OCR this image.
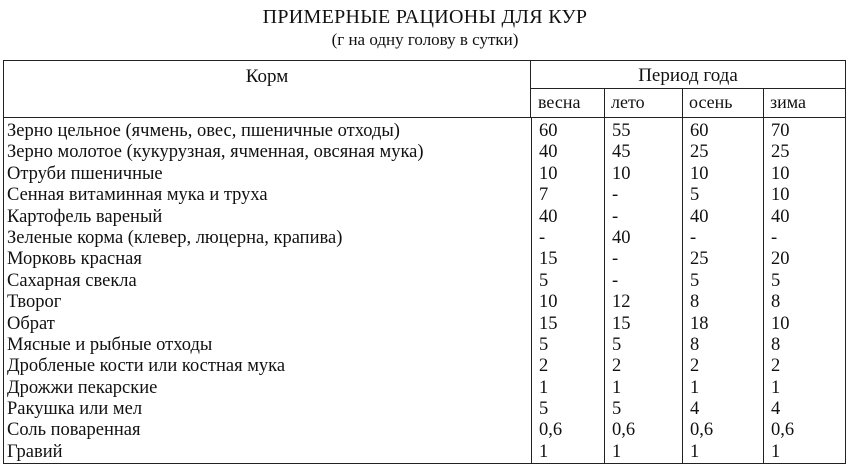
ПРИМЕРНЫЕ РАЦИОНЫ ДЛЯ КУР
(г на одну голову в сутки)
Корм	Период года
весна	лето	осень	зима
Зерно цельное (ячмень, овес, пшеничные отходы)	60	55	60	70
Зерно молотое (кукурузная, ячменная, овсяная мука)	40	45	25	25
Отруби пшеничные	10	10	10	10
Сенная витаминная мука и труха	7	-	5	10
Картофель вареный	40	-	40	40
Зеленые корма (клевер, люцерна, крапива)	-	40	-	-
Морковь красная	15	-	25	20
Сахарная свекла	5	-	5	5
Творог	10	12	8	8
Обрат	15	15	18	10
Мясные и рыбные отходы	5	5	8	8
Дробленые кости или костная мука	2	2	2	2
Дрожжи пекарские	1	1	1	1
Ракушка или мел	5	5	4	4
Соль поваренная	0,6	0,6	0,6	0,6
Гравий	1	1	1	1
